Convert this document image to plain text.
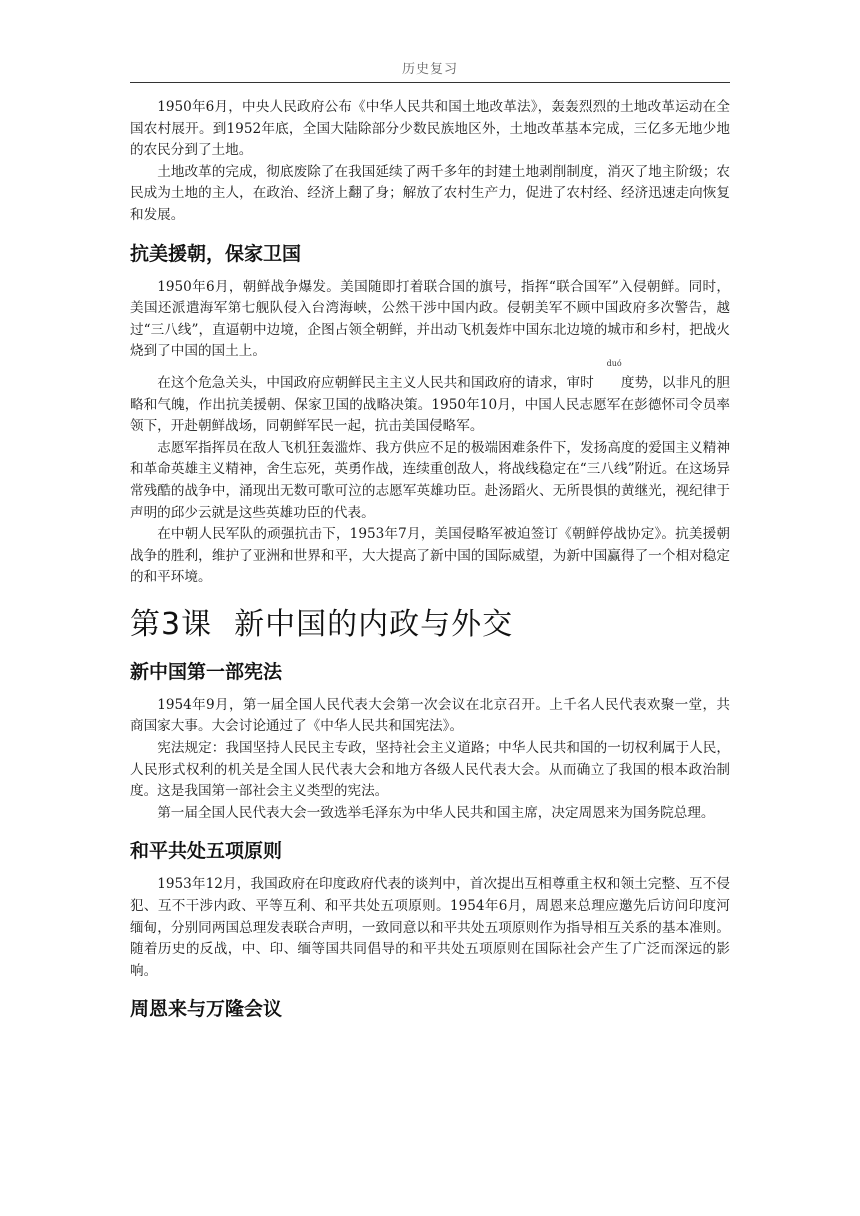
历史复习

1950年6月，中央人民政府公布《中华人民共和国土地改革法》，轰轰烈烈的土地改革运动在全国农村展开。到1952年底，全国大陆除部分少数民族地区外，土地改革基本完成，三亿多无地少地的农民分到了土地。

土地改革的完成，彻底废除了在我国延续了两千多年的封建土地剥削制度，消灭了地主阶级；农民成为土地的主人，在政治、经济上翻了身；解放了农村生产力，促进了农村经、经济迅速走向恢复和发展。

抗美援朝，保家卫国

1950年6月，朝鲜战争爆发。美国随即打着联合国的旗号，指挥“联合国军”入侵朝鲜。同时，美国还派遣海军第七舰队侵入台湾海峡，公然干涉中国内政。侵朝美军不顾中国政府多次警告，越过“三八线”，直逼朝中边境，企图占领全朝鲜，并出动飞机轰炸中国东北边境的城市和乡村，把战火烧到了中国的国土上。

在这个危急关头，中国政府应朝鲜民主主义人民共和国政府的请求，审时
duó
度势，以非凡的胆略和气魄，作出抗美援朝、保家卫国的战略决策。1950年10月，中国人民志愿军在彭德怀司令员率领下，开赴朝鲜战场，同朝鲜军民一起，抗击美国侵略军。

志愿军指挥员在敌人飞机狂轰滥炸、我方供应不足的极端困难条件下，发扬高度的爱国主义精神和革命英雄主义精神，舍生忘死，英勇作战，连续重创敌人，将战线稳定在“三八线”附近。在这场异常残酷的战争中，涌现出无数可歌可泣的志愿军英雄功臣。赴汤蹈火、无所畏惧的黄继光，视纪律于声明的邱少云就是这些英雄功臣的代表。

在中朝人民军队的顽强抗击下，1953年7月，美国侵略军被迫签订《朝鲜停战协定》。抗美援朝战争的胜利，维护了亚洲和世界和平，大大提高了新中国的国际威望，为新中国赢得了一个相对稳定的和平环境。

第3课 新中国的内政与外交
新中国第一部宪法

1954年9月，第一届全国人民代表大会第一次会议在北京召开。上千名人民代表欢聚一堂，共商国家大事。大会讨论通过了《中华人民共和国宪法》。

宪法规定：我国坚持人民民主专政，坚持社会主义道路；中华人民共和国的一切权利属于人民，人民形式权利的机关是全国人民代表大会和地方各级人民代表大会。从而确立了我国的根本政治制度。这是我国第一部社会主义类型的宪法。

第一届全国人民代表大会一致选举毛泽东为中华人民共和国主席，决定周恩来为国务院总理。

和平共处五项原则

1953年12月，我国政府在印度政府代表的谈判中，首次提出互相尊重主权和领土完整、互不侵犯、互不干涉内政、平等互利、和平共处五项原则。1954年6月，周恩来总理应邀先后访问印度河缅甸，分别同两国总理发表联合声明，一致同意以和平共处五项原则作为指导相互关系的基本准则。随着历史的反战，中、印、缅等国共同倡导的和平共处五项原则在国际社会产生了广泛而深远的影响。

周恩来与万隆会议
